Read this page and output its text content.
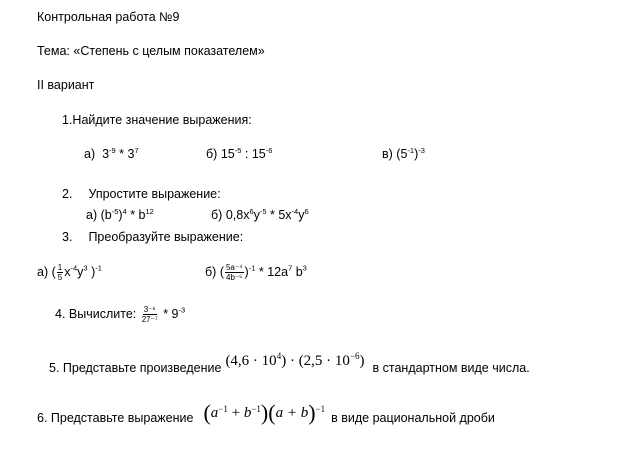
Контрольная работа №9
Тема: «Степень с целым показателем»
II вариант
1.Найдите значение выражения:
а) $3^{-9} * 3^7$	б) $15^{-5}$ : $15^{-6}$	в) $(5^{-1})^{-3}$
2. Упростите выражение:
а) $(b^{-5})^4 * b^{12}$	б) $0,8x^6y^{-5} * 5x^{-4}y^6$
3. Преобразуйте выражение:
а) ( $\frac{1}{5} x^{-4}y^3$ )$^{-1}$	б) ( $\frac{\text{5a⁻⁴}}{\text{4b⁻⁵}} )^{-1} * 12a^7$ $b^3$
4. Вычислите: $\frac{\text{3⁻⁶}}{\text{27⁻⁷}} * 9^{-3}$
5. Представьте произведение $(4,6 \cdot 10^4) \cdot (2,5 \cdot 10^{-6})$ в стандартном виде числа.
6. Представьте выражение $(a^{-1} + b^{-1})(a + b)^{-1}$
в виде рациональной дроби
